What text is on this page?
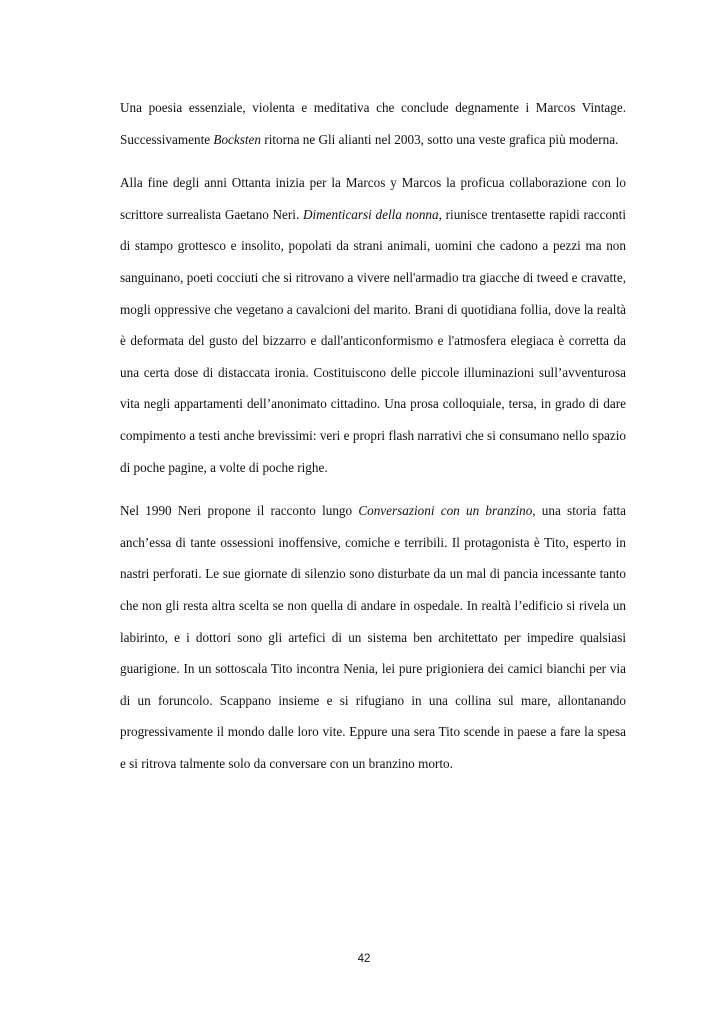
Una poesia essenziale, violenta e meditativa che conclude degnamente i Marcos Vintage. Successivamente Bocksten ritorna ne Gli alianti nel 2003, sotto una veste grafica più moderna.

Alla fine degli anni Ottanta inizia per la Marcos y Marcos la proficua collaborazione con lo scrittore surrealista Gaetano Neri. Dimenticarsi della nonna, riunisce trentasette rapidi racconti di stampo grottesco e insolito, popolati da strani animali, uomini che cadono a pezzi ma non sanguinano, poeti cocciuti che si ritrovano a vivere nell'armadio tra giacche di tweed e cravatte, mogli oppressive che vegetano a cavalcioni del marito. Brani di quotidiana follia, dove la realtà è deformata del gusto del bizzarro e dall'anticonformismo e l'atmosfera elegiaca è corretta da una certa dose di distaccata ironia. Costituiscono delle piccole illuminazioni sull’avventurosa vita negli appartamenti dell’anonimato cittadino. Una prosa colloquiale, tersa, in grado di dare compimento a testi anche brevissimi: veri e propri flash narrativi che si consumano nello spazio di poche pagine, a volte di poche righe.

Nel 1990 Neri propone il racconto lungo Conversazioni con un branzino, una storia fatta anch’essa di tante ossessioni inoffensive, comiche e terribili. Il protagonista è Tito, esperto in nastri perforati. Le sue giornate di silenzio sono disturbate da un mal di pancia incessante tanto che non gli resta altra scelta se non quella di andare in ospedale. In realtà l’edificio si rivela un labirinto, e i dottori sono gli artefici di un sistema ben architettato per impedire qualsiasi guarigione. In un sottoscala Tito incontra Nenia, lei pure prigioniera dei camici bianchi per via di un foruncolo. Scappano insieme e si rifugiano in una collina sul mare, allontanando progressivamente il mondo dalle loro vite. Eppure una sera Tito scende in paese a fare la spesa e si ritrova talmente solo da conversare con un branzino morto.

42
